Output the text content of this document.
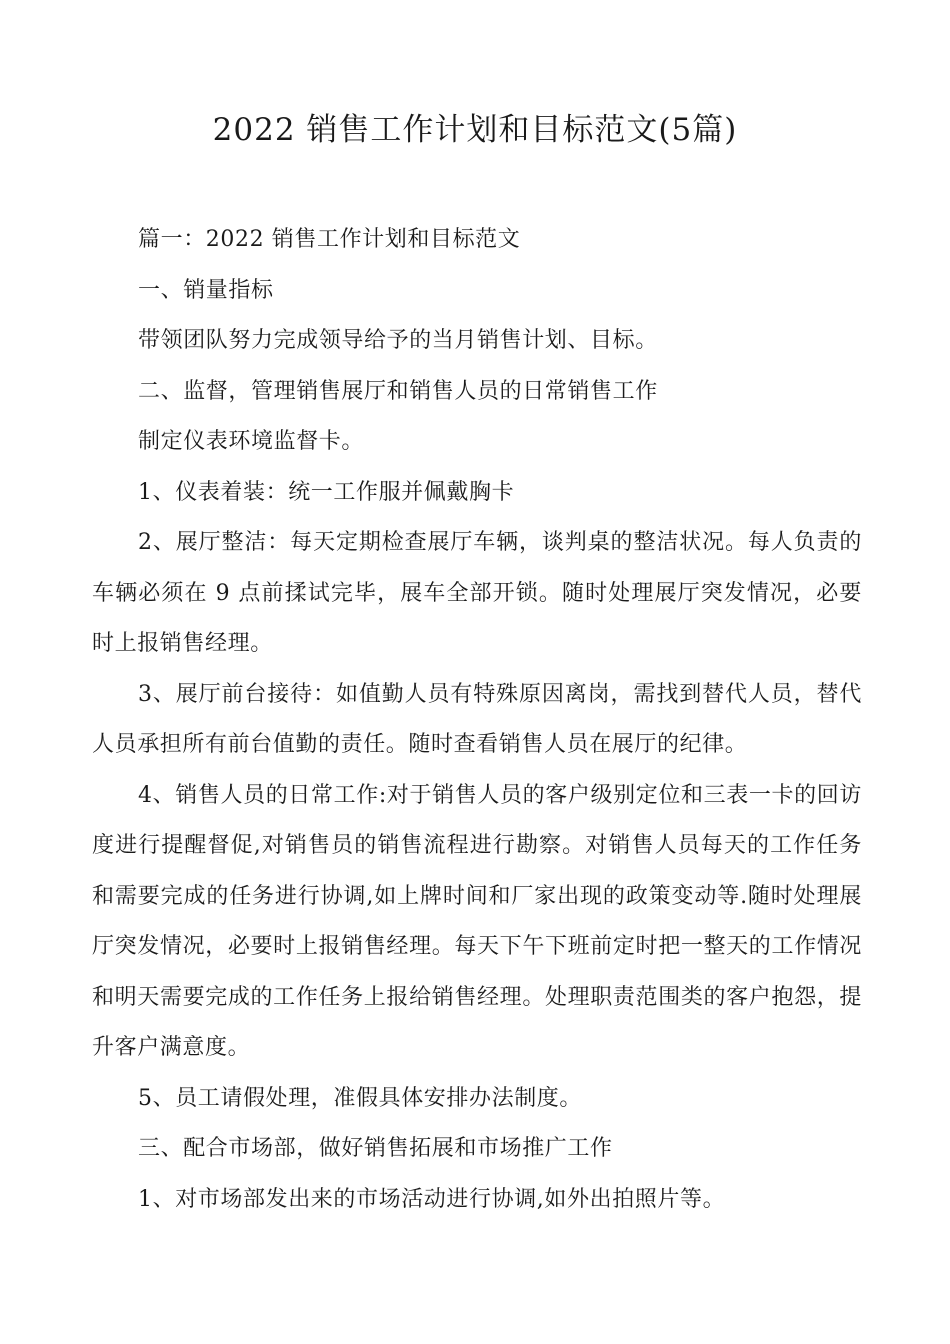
2022 销售工作计划和目标范文(5篇)

篇一：2022 销售工作计划和目标范文

一、销量指标

带领团队努力完成领导给予的当月销售计划、目标。

二、监督，管理销售展厅和销售人员的日常销售工作

制定仪表环境监督卡。

1、仪表着装：统一工作服并佩戴胸卡

2、展厅整洁：每天定期检查展厅车辆，谈判桌的整洁状况。每人负责的车辆必须在 9 点前揉试完毕，展车全部开锁。随时处理展厅突发情况，必要时上报销售经理。

3、展厅前台接待：如值勤人员有特殊原因离岗，需找到替代人员，替代人员承担所有前台值勤的责任。随时查看销售人员在展厅的纪律。

4、销售人员的日常工作:对于销售人员的客户级别定位和三表一卡的回访度进行提醒督促,对销售员的销售流程进行勘察。对销售人员每天的工作任务和需要完成的任务进行协调,如上牌时间和厂家出现的政策变动等.随时处理展厅突发情况，必要时上报销售经理。每天下午下班前定时把一整天的工作情况和明天需要完成的工作任务上报给销售经理。处理职责范围类的客户抱怨，提升客户满意度。

5、员工请假处理，准假具体安排办法制度。

三、配合市场部，做好销售拓展和市场推广工作

1、对市场部发出来的市场活动进行协调,如外出拍照片等。
